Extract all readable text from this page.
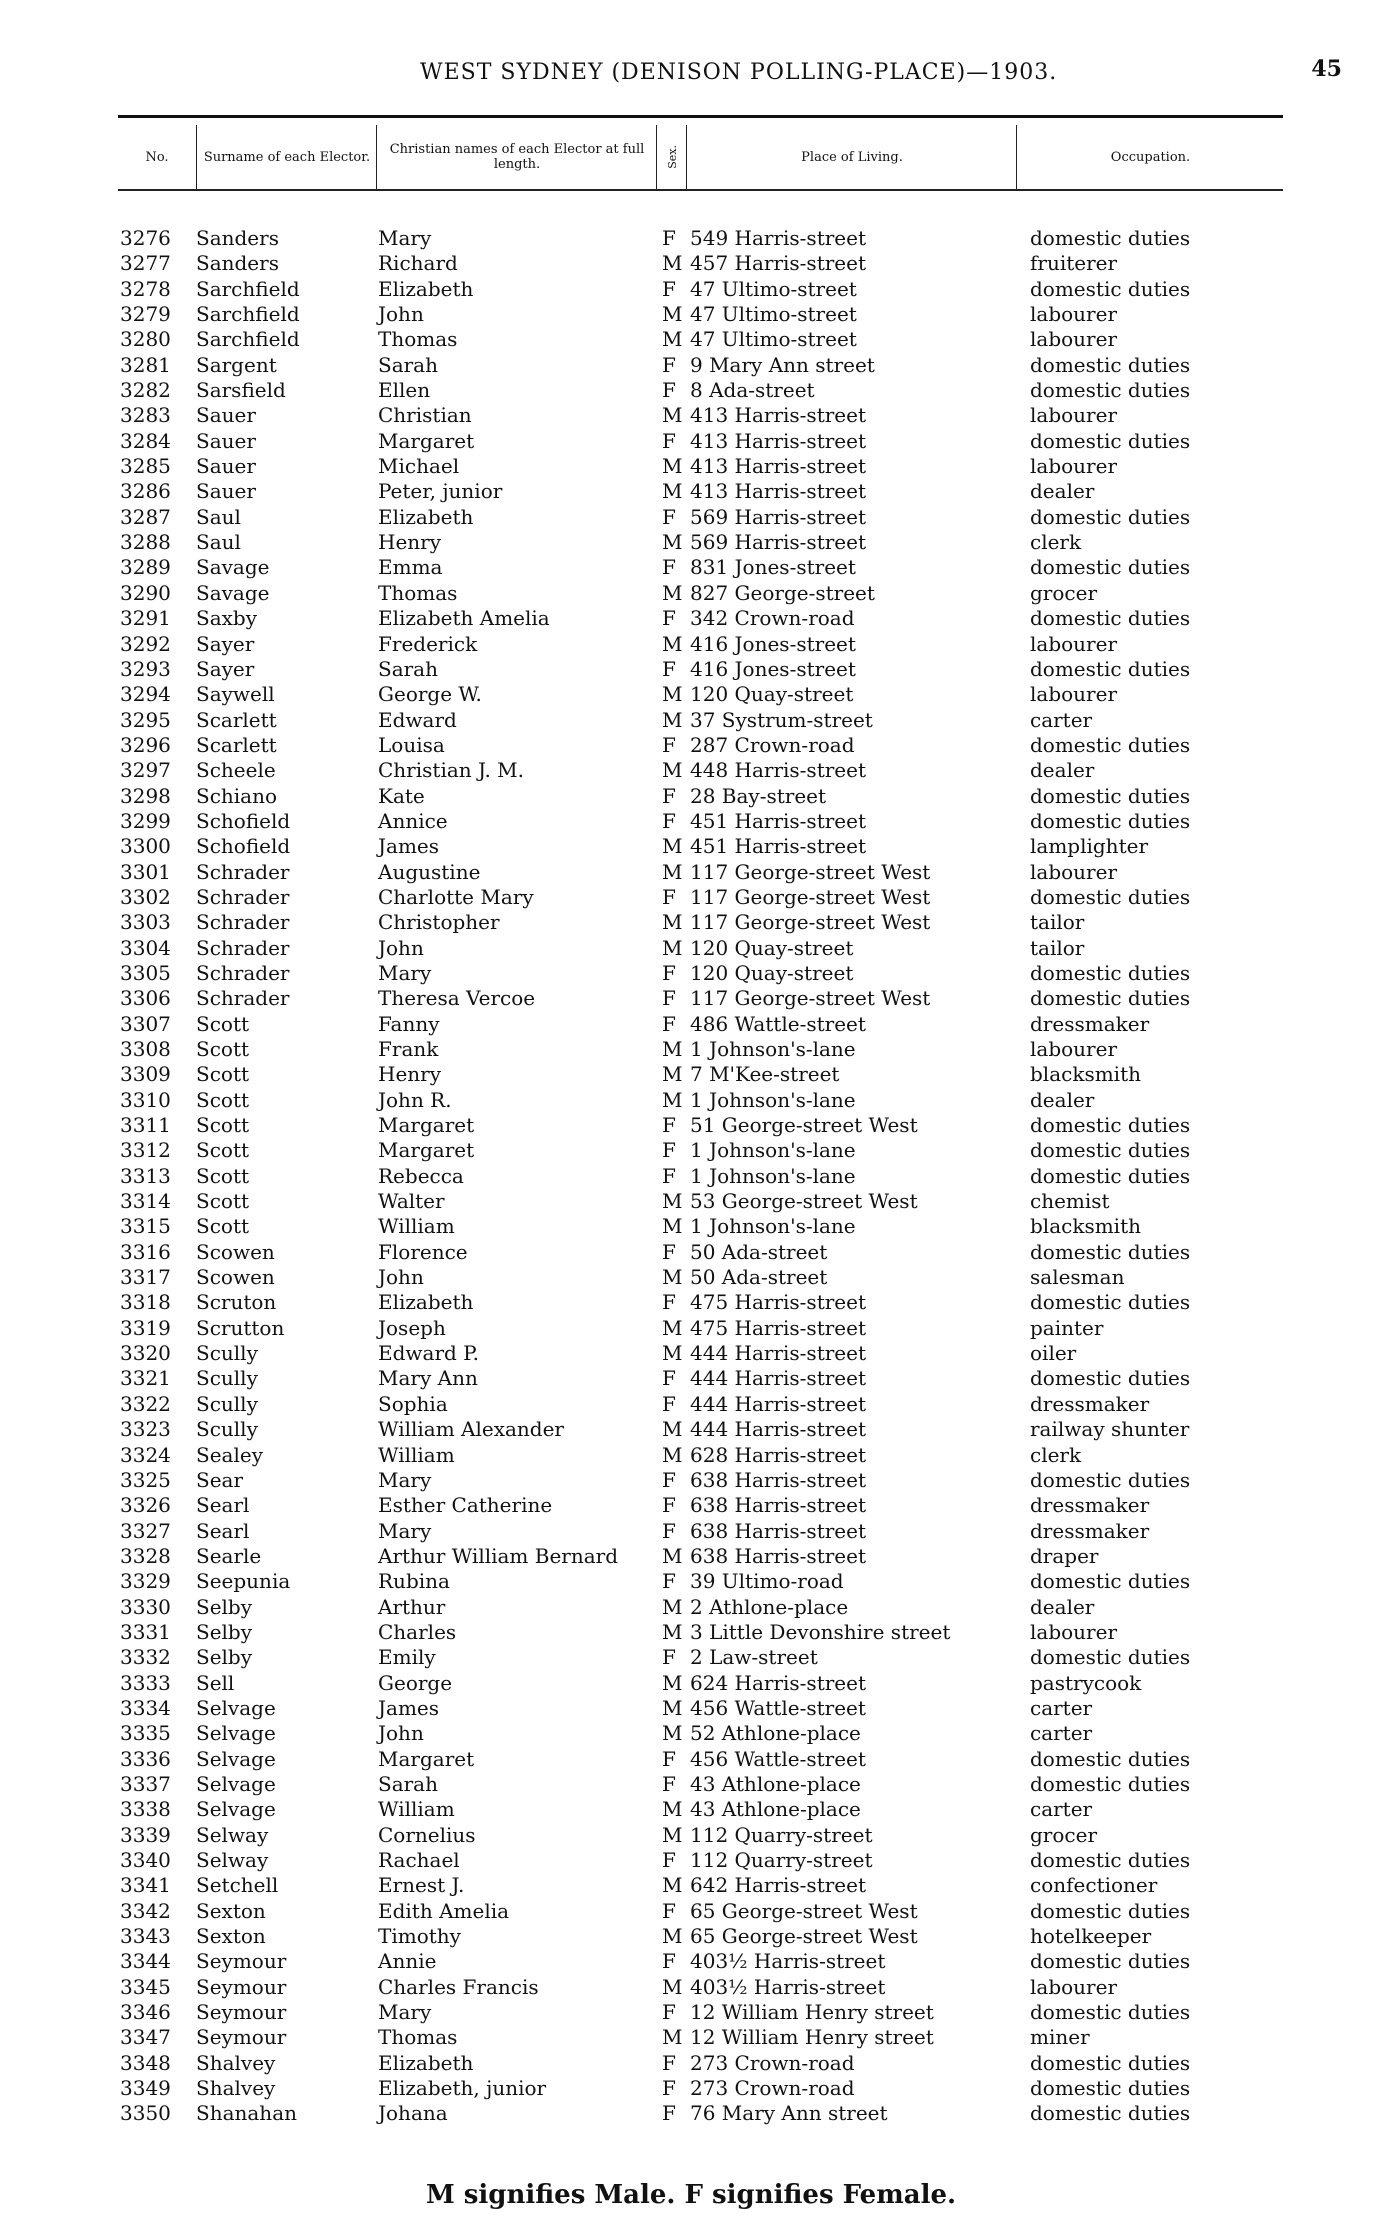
WEST SYDNEY (DENISON POLLING-PLACE)—1903.	45
No.	Surname of each Elector.	Christian names of each Elector at full length.	Sex.	Place of Living.	Occupation.
3276 Sanders	Mary	F 549 Harris-street	domestic duties
3277 Sanders	Richard	M 457 Harris-street	fruiterer
3278 Sarchfield	Elizabeth	F 47 Ultimo-street	domestic duties
3279 Sarchfield	John	M 47 Ultimo-street	labourer
3280 Sarchfield	Thomas	M 47 Ultimo-street	labourer
3281 Sargent	Sarah	F 9 Mary Ann street	domestic duties
3282 Sarsfield	Ellen	F 8 Ada-street	domestic duties
3283 Sauer	Christian	M 413 Harris-street	labourer
3284 Sauer	Margaret	F 413 Harris-street	domestic duties
3285 Sauer	Michael	M 413 Harris-street	labourer
3286 Sauer	Peter, junior	M 413 Harris-street	dealer
3287 Saul	Elizabeth	F 569 Harris-street	domestic duties
3288 Saul	Henry	M 569 Harris-street	clerk
3289 Savage	Emma	F 831 Jones-street	domestic duties
3290 Savage	Thomas	M 827 George-street	grocer
3291 Saxby	Elizabeth Amelia	F 342 Crown-road	domestic duties
3292 Sayer	Frederick	M 416 Jones-street	labourer
3293 Sayer	Sarah	F 416 Jones-street	domestic duties
3294 Saywell	George W.	M 120 Quay-street	labourer
3295 Scarlett	Edward	M 37 Systrum-street	carter
3296 Scarlett	Louisa	F 287 Crown-road	domestic duties
3297 Scheele	Christian J. M.	M 448 Harris-street	dealer
3298 Schiano	Kate	F 28 Bay-street	domestic duties
3299 Schofield	Annice	F 451 Harris-street	domestic duties
3300 Schofield	James	M 451 Harris-street	lamplighter
3301 Schrader	Augustine	M 117 George-street West	labourer
3302 Schrader	Charlotte Mary	F 117 George-street West	domestic duties
3303 Schrader	Christopher	M 117 George-street West	tailor
3304 Schrader	John	M 120 Quay-street	tailor
3305 Schrader	Mary	F 120 Quay-street	domestic duties
3306 Schrader	Theresa Vercoe	F 117 George-street West	domestic duties
3307 Scott	Fanny	F 486 Wattle-street	dressmaker
3308 Scott	Frank	M 1 Johnson's-lane	labourer
3309 Scott	Henry	M 7 M'Kee-street	blacksmith
3310 Scott	John R.	M 1 Johnson's-lane	dealer
3311 Scott	Margaret	F 51 George-street West	domestic duties
3312 Scott	Margaret	F 1 Johnson's-lane	domestic duties
3313 Scott	Rebecca	F 1 Johnson's-lane	domestic duties
3314 Scott	Walter	M 53 George-street West	chemist
3315 Scott	William	M 1 Johnson's-lane	blacksmith
3316 Scowen	Florence	F 50 Ada-street	domestic duties
3317 Scowen	John	M 50 Ada-street	salesman
3318 Scruton	Elizabeth	F 475 Harris-street	domestic duties
3319 Scrutton	Joseph	M 475 Harris-street	painter
3320 Scully	Edward P.	M 444 Harris-street	oiler
3321 Scully	Mary Ann	F 444 Harris-street	domestic duties
3322 Scully	Sophia	F 444 Harris-street	dressmaker
3323 Scully	William Alexander	M 444 Harris-street	railway shunter
3324 Sealey	William	M 628 Harris-street	clerk
3325 Sear	Mary	F 638 Harris-street	domestic duties
3326 Searl	Esther Catherine	F 638 Harris-street	dressmaker
3327 Searl	Mary	F 638 Harris-street	dressmaker
3328 Searle	Arthur William Bernard M 638 Harris-street	draper
3329 Seepunia	Rubina	F 39 Ultimo-road	domestic duties
3330 Selby	Arthur	M 2 Athlone-place	dealer
3331 Selby	Charles	M 3 Little Devonshire street	labourer
3332 Selby	Emily	F 2 Law-street	domestic duties
3333 Sell	George	M 624 Harris-street	pastrycook
3334 Selvage	James	M 456 Wattle-street	carter
3335 Selvage	John	M 52 Athlone-place	carter
3336 Selvage	Margaret	F 456 Wattle-street	domestic duties
3337 Selvage	Sarah	F 43 Athlone-place	domestic duties
3338 Selvage	William	M 43 Athlone-place	carter
3339 Selway	Cornelius	M 112 Quarry-street	grocer
3340 Selway	Rachael	F 112 Quarry-street	domestic duties
3341 Setchell	Ernest J.	M 642 Harris-street	confectioner
3342 Sexton	Edith Amelia	F 65 George-street West	domestic duties
3343 Sexton	Timothy	M 65 George-street West	hotelkeeper
3344 Seymour	Annie	F 403½ Harris-street	domestic duties
3345 Seymour	Charles Francis	M 403½ Harris-street	labourer
3346 Seymour	Mary	F 12 William Henry street	domestic duties
3347 Seymour	Thomas	M 12 William Henry street	miner
3348 Shalvey	Elizabeth	F 273 Crown-road	domestic duties
3349 Shalvey	Elizabeth, junior	F 273 Crown-road	domestic duties
3350 Shanahan	Johana	F 76 Mary Ann street	domestic duties
M signifies Male. F signifies Female.
